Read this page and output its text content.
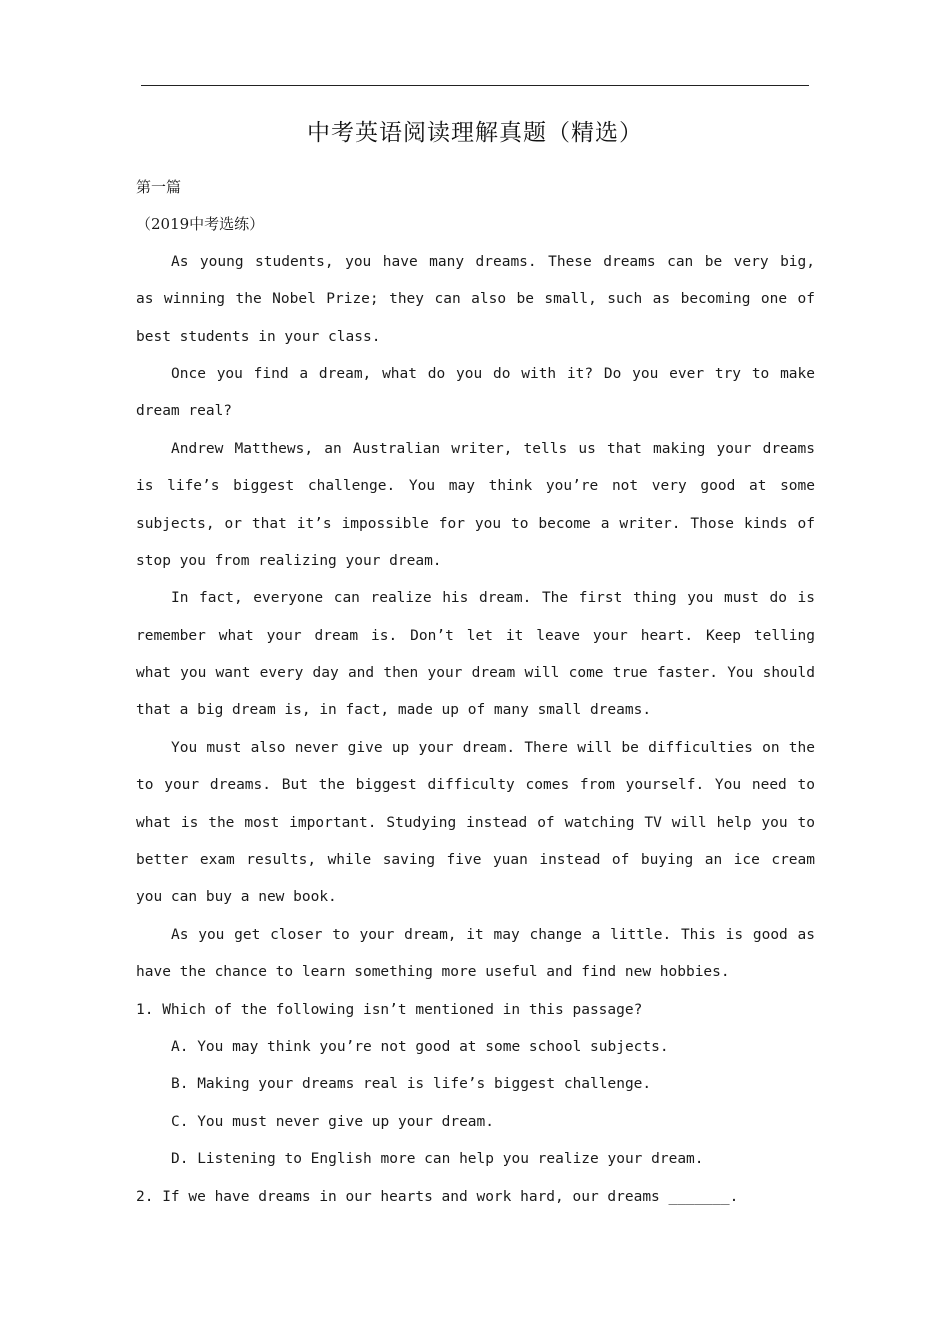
中考英语阅读理解真题（精选）
第一篇
（2019中考选练）
As young students, you have many dreams. These dreams can be very big,
as winning the Nobel Prize; they can also be small, such as becoming one of
best students in your class.
Once you find a dream, what do you do with it? Do you ever try to make
dream real?
Andrew Matthews, an Australian writer, tells us that making your dreams
is life’s biggest challenge. You may think you’re not very good at some
subjects, or that it’s impossible for you to become a writer. Those kinds of
stop you from realizing your dream.
In fact, everyone can realize his dream. The first thing you must do is
remember what your dream is. Don’t let it leave your heart. Keep telling
what you want every day and then your dream will come true faster. You should
that a big dream is, in fact, made up of many small dreams.
You must also never give up your dream. There will be difficulties on the
to your dreams. But the biggest difficulty comes from yourself. You need to
what is the most important. Studying instead of watching TV will help you to
better exam results, while saving five yuan instead of buying an ice cream
you can buy a new book.
As you get closer to your dream, it may change a little. This is good as
have the chance to learn something more useful and find new hobbies.
1. Which of the following isn’t mentioned in this passage?
A. You may think you’re not good at some school subjects.
B. Making your dreams real is life’s biggest challenge.
C. You must never give up your dream.
D. Listening to English more can help you realize your dream.
2. If we have dreams in our hearts and work hard, our dreams _______.
